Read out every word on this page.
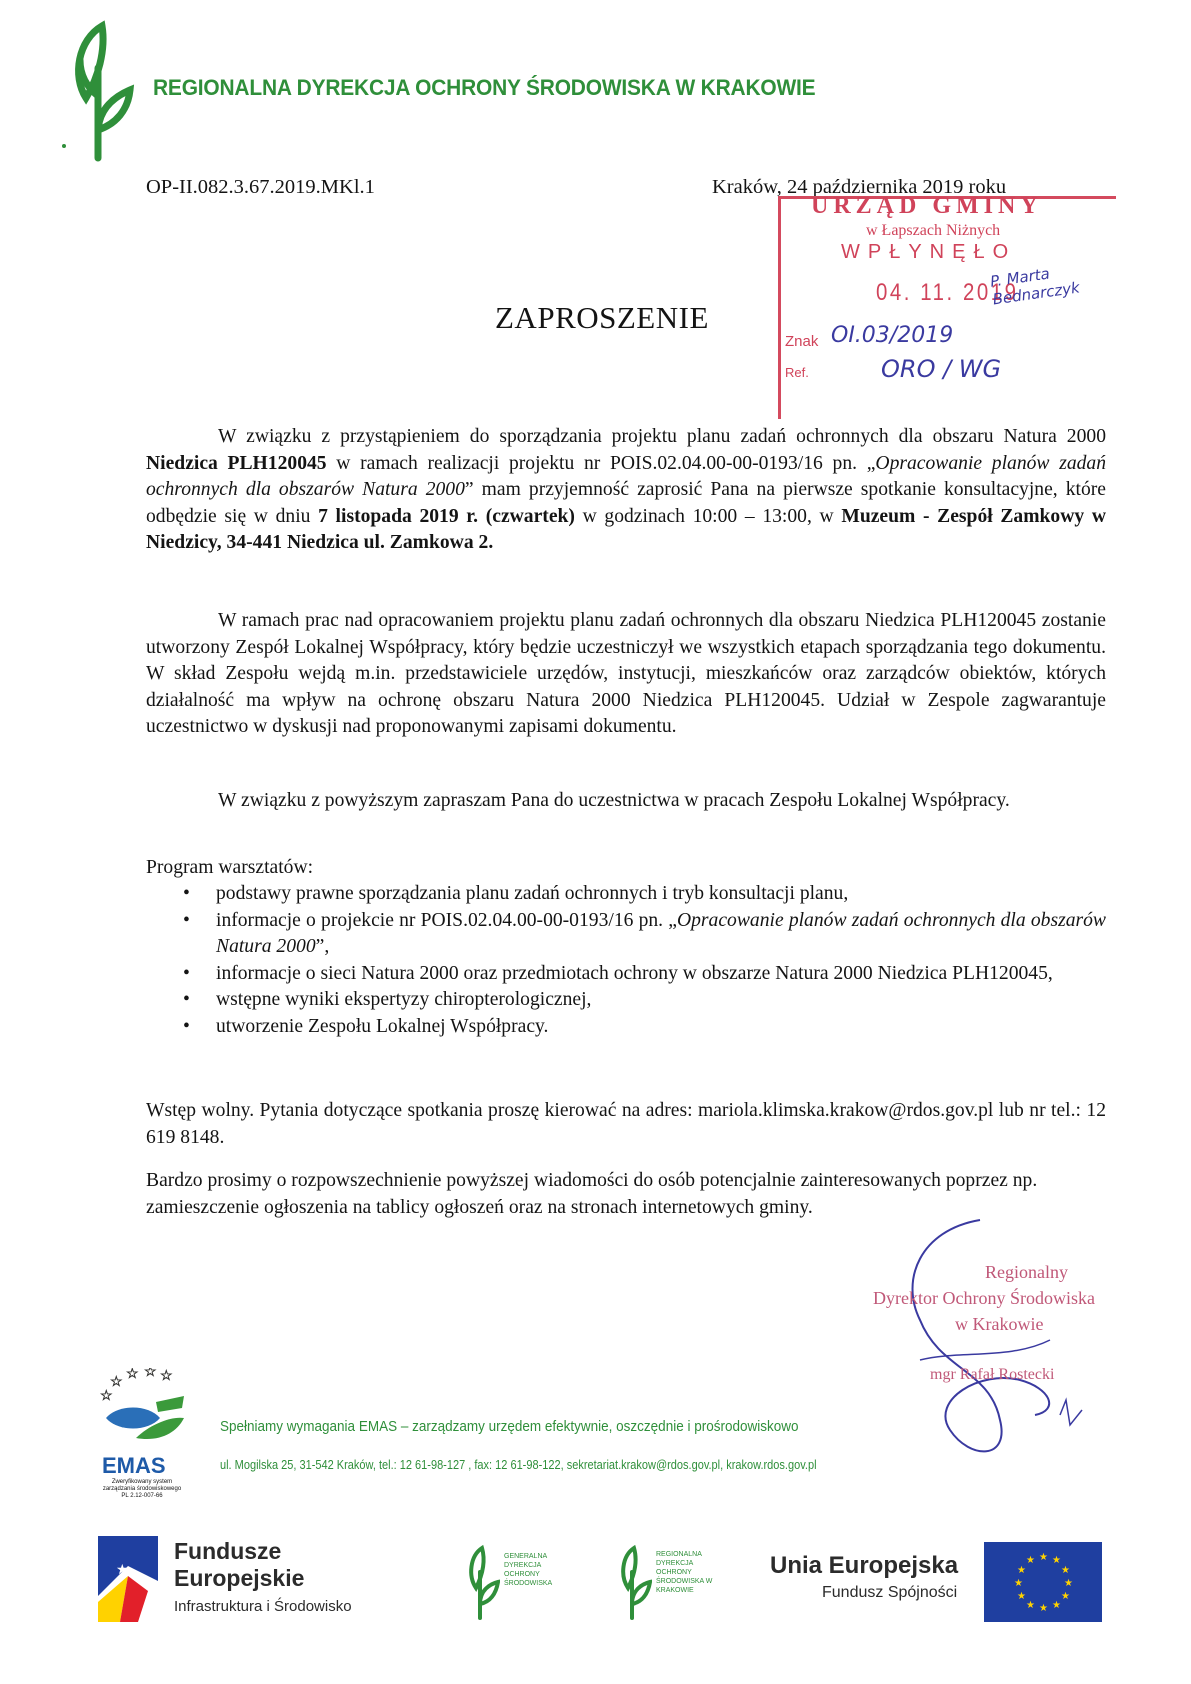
REGIONALNA DYREKCJA OCHRONY ŚRODOWISKA W KRAKOWIE
OP-II.082.3.67.2019.MKl.1	Kraków, 24 października 2019 roku
URZĄD GMINY
w Łapszach Niżnych
WPŁYNĘŁO
04. 11. 2019
Znak OI.03/2019
Ref.	ORO / WG
P. Marta Bednarczyk
ZAPROSZENIE

W związku z przystąpieniem do sporządzania projektu planu zadań ochronnych dla obszaru Natura 2000 Niedzica PLH120045 w ramach realizacji projektu nr POIS.02.04.00-00-0193/16 pn. „Opracowanie planów zadań ochronnych dla obszarów Natura 2000” mam przyjemność zaprosić Pana na pierwsze spotkanie konsultacyjne, które odbędzie się w dniu 7 listopada 2019 r. (czwartek) w godzinach 10:00 – 13:00, w Muzeum - Zespół Zamkowy w Niedzicy, 34-441 Niedzica ul. Zamkowa 2.

W ramach prac nad opracowaniem projektu planu zadań ochronnych dla obszaru Niedzica PLH120045 zostanie utworzony Zespół Lokalnej Współpracy, który będzie uczestniczył we wszystkich etapach sporządzania tego dokumentu. W skład Zespołu wejdą m.in. przedstawiciele urzędów, instytucji, mieszkańców oraz zarządców obiektów, których działalność ma wpływ na ochronę obszaru Natura 2000 Niedzica PLH120045. Udział w Zespole zagwarantuje uczestnictwo w dyskusji nad proponowanymi zapisami dokumentu.

W związku z powyższym zapraszam Pana do uczestnictwa w pracach Zespołu Lokalnej Współpracy.

Program warsztatów:

• podstawy prawne sporządzania planu zadań ochronnych i tryb konsultacji planu,
• informacje o projekcie nr POIS.02.04.00-00-0193/16 pn. „Opracowanie planów zadań ochronnych dla obszarów Natura 2000”,
• informacje o sieci Natura 2000 oraz przedmiotach ochrony w obszarze Natura 2000 Niedzica PLH120045,
• wstępne wyniki ekspertyzy chiropterologicznej,
• utworzenie Zespołu Lokalnej Współpracy.

Wstęp wolny. Pytania dotyczące spotkania proszę kierować na adres: mariola.klimska.krakow@rdos.gov.pl lub nr tel.: 12 619 8148.

Bardzo prosimy o rozpowszechnienie powyższej wiadomości do osób potencjalnie zainteresowanych poprzez np. zamieszczenie ogłoszenia na tablicy ogłoszeń oraz na stronach internetowych gminy.

Regionalny
Dyrektor Ochrony Środowiska
w Krakowie
mgr Rafał Rostecki
☆
☆ ☆ ☆
☆
EMAS
Zweryfikowany system zarządzania środowiskowego PL 2.12-007-66
Spełniamy wymagania EMAS – zarządzamy urzędem efektywnie, oszczędnie i prośrodowiskowo
ul. Mogilska 25, 31-542 Kraków, tel.: 12 61-98-127 , fax: 12 61-98-122, sekretariat.krakow@rdos.gov.pl, krakow.rdos.gov.pl
★
Fundusze
Europejskie
Infrastruktura i Środowisko
GENERALNA DYREKCJA OCHRONY ŚRODOWISKA
REGIONALNA DYREKCJA OCHRONY ŚRODOWISKA W KRAKOWIE
Unia Europejska
Fundusz Spójności
★ ★
★
★
★
★
★
★
★
★
★
★
